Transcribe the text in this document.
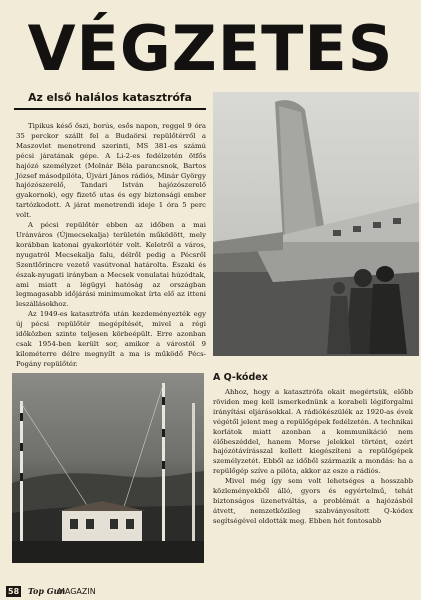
VÉGZETES
Az első halálos katasztrófa

Tipikus késő őszi, borús, esős napon, reggel 9 óra 35 perckor szállt fel a Budaörsi repülőtérről a Maszovlet menetrend szerinti, MS 381-es számú pécsi járatának gépe. A Li-2-es fedélzetén ötfős hajózó személyzet (Molnár Béla parancsnok, Bartos József másodpilóta, Újvári János rádiós, Minár György hajózószerelő, Tandari István hajózószerelő gyakornok), egy fizető utas és egy biztonsági ember tartózkodott. A járat menetrendi ideje 1 óra 5 perc volt.

A pécsi repülőtér ebben az időben a mai Uránváros (Újmecsekalja) területén működött, mely korábban katonai gyakorlótér volt. Keletről a város, nyugatról Mecsekalja falu, délről pedig a Pécsről Szentlőrincre vezető vasútvonal határolta. Északi és észak-nyugati irányban a Mecsek vonulatai húzódtak, ami miatt a légügyi hatóság az országban legmagasabb időjárási minimumokat írta elő az itteni leszállásokhoz.

Az 1949-es katasztrófa után kezdeményezték egy új pécsi repülőtér megépítését, mivel a régi időközben szinte teljesen körbeépült. Erre azonban csak 1954-ben került sor, amikor a várostól 9 kilométerre délre megnyílt a ma is működő Pécs-Pogány repülőtér.

A Q-kódex

Ahhoz, hogy a katasztrófa okait megértsük, előbb röviden meg kell ismerkednünk a korabeli légiforgalmi irányítási eljárásokkal. A rádiókészülék az 1920-as évek végétől jelent meg a repülőgépek fedélzetén. A technikai korlátok miatt azonban a kommunikáció nem élőbeszéddel, hanem Morse jelekkel történt, ezért hajózótávírásszal kellett kiegészíteni a repülőgépek személyzetét. Ebből az időből származik a mondás: ha a repülőgép szíve a pilóta, akkor az esze a rádiós.

Mivel még így sem volt lehetséges a hosszabb közleményekből álló, gyors és egyértelmű, tehát biztonságos üzenetváltás, a problémát a hajózásból átvett, nemzetközileg szabványosított Q-kódex segítségével oldották meg. Ebben hét fontosabb

58 Top Gun
MAGAZIN
